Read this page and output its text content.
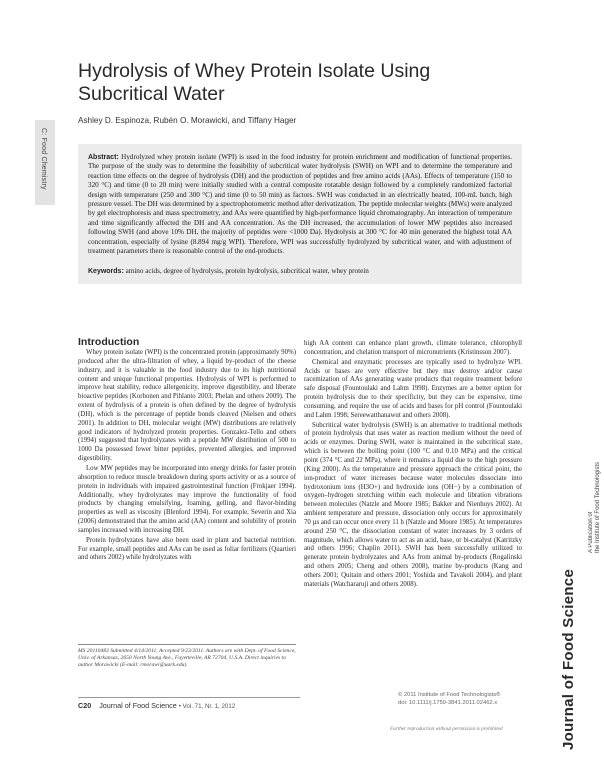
Hydrolysis of Whey Protein Isolate Using Subcritical Water
Ashley D. Espinoza, Rubén O. Morawicki, and Tiffany Hager
C: Food Chemistry	Abstract: Hydrolyzed whey protein isolate (WPI) is used in the food industry for protein enrichment and modification of functional properties. The purpose of the study was to determine the feasibility of subcritical water hydrolysis (SWH) on WPI and to determine the temperature and reaction time effects on the degree of hydrolysis (DH) and the production of peptides and free amino acids (AAs). Effects of temperature (150 to 320 °C) and time (0 to 20 min) were initially studied with a central composite rotatable design followed by a completely randomized factorial design with temperature (250 and 300 °C) and time (0 to 50 min) as factors. SWH was conducted in an electrically heated, 100-mL batch, high pressure vessel. The DH was determined by a spectrophotometric method after derivatization. The peptide molecular weights (MWs) were analyzed by gel electrophoresis and mass spectrometry, and AAs were quantified by high-performance liquid chromatography. An interaction of temperature and time significantly affected the DH and AA concentration. As the DH increased, the accumulation of lower MW peptides also increased following SWH (and above 10% DH, the majority of peptides were <1000 Da). Hydrolysis at 300 °C for 40 min generated the highest total AA concentration, especially of lysine (8.894 mg/g WPI). Therefore, WPI was successfully hydrolyzed by subcritical water, and with adjustment of treatment parameters there is reasonable control of the end-products.
Keywords: amino acids, degree of hydrolysis, protein hydrolysis, subcritical water, whey protein
Introduction

Whey protein isolate (WPI) is the concentrated protein (approximately 90%) produced after the ultra-filtration of whey, a liquid by-product of the cheese industry, and it is valuable in the food industry due to its high nutritional content and unique functional properties. Hydrolysis of WPI is performed to improve heat stability, reduce allergenicity, improve digestibility, and liberate bioactive peptides (Korhonen and Pihlanto 2003; Phelan and others 2009). The extent of hydrolysis of a protein is often defined by the degree of hydrolysis (DH), which is the percentage of peptide bonds cleaved (Nielsen and others 2001). In addition to DH, molecular weight (MW) distributions are relatively good indicators of hydrolyzed protein properties. Gonzalez-Tello and others (1994) suggested that hydrolyzates with a peptide MW distribution of 500 to 1000 Da possessed fewer bitter peptides, prevented allergies, and improved digestibility.

Low MW peptides may be incorporated into energy drinks for faster protein absorption to reduce muscle breakdown during sports activity or as a source of protein in individuals with impaired gastrointestinal function (Frokjaer 1994). Additionally, whey hydrolyzates may improve the functionality of food products by changing emulsifying, foaming, gelling, and flavor-binding properties as well as viscosity (Blenford 1994). For example, Severin and Xia (2006) demonstrated that the amino acid (AA) content and solubility of protein samples increased with increasing DH.

Protein hydrolyzates have also been used in plant and bacterial nutrition. For example, small peptides and AAs can be used as foliar fertilizers (Quartieri and others 2002) while hydrolyzates with

high AA content can enhance plant growth, climate tolerance, chlorophyll concentration, and chelation transport of micronutrients (Kristinsson 2007).

Chemical and enzymatic processes are typically used to hydrolyze WPI. Acids or bases are very effective but they may destroy and/or cause racemization of AAs generating waste products that require treatment before safe disposal (Fountoulaki and Lahm 1998). Enzymes are a better option for protein hydrolysis due to their specificity, but they can be expensive, time consuming, and require the use of acids and bases for pH control (Fountoulaki and Lahm 1998; Sereewatthanawut and others 2008).

Subcritical water hydrolysis (SWH) is an alternative to traditional methods of protein hydrolysis that uses water as reaction medium without the need of acids or enzymes. During SWH, water is maintained in the subcritical state, which is between the boiling point (100 °C and 0.10 MPa) and the critical point (374 °C and 22 MPa), where it remains a liquid due to the high pressure (King 2000). As the temperature and pressure approach the critical point, the ion-product of water increases because water molecules dissociate into hydroxonium ions (H3O+) and hydroxide ions (OH−) by a combination of oxygen–hydrogen stretching within each molecule and libration vibrations between molecules (Natzle and Moore 1985; Bakker and Nienhuys 2002). At ambient temperature and pressure, dissociation only occurs for approximately 70 µs and can occur once every 11 h (Natzle and Moore 1985). At temperatures around 250 °C, the dissociation constant of water increases by 3 orders of magnitude, which allows water to act as an acid, base, or bi-catalyst (Katritzky and others 1996; Chaplin 2011). SWH has been successfully utilized to generate protein hydrolyzates and AAs from animal by-products (Rogalinski and others 2005; Cheng and others 2008), marine by-products (Kang and others 2001; Quitain and others 2001; Yoshida and Tavakoli 2004), and plant materials (Watchararuji and others 2008).

MS 20110483 Submitted 4/14/2011, Accepted 9/23/2011. Authors are with Dept. of Food Science, Univ. of Arkansas, 2650 North Young Ave., Fayetteville, AR 72704, U.S.A. Direct inquiries to author Morawicki (E-mail: rmorawi@uark.edu).
C20 Journal of Food Science • Vol. 71, Nr. 1, 2012
© 2011 Institute of Food Technologists®
doi: 10.1111/j.1750-3841.2011.02462.x
Further reproduction without permission is prohibited
A Publication of the Institute of Food Technologists
Journal of Food Science
